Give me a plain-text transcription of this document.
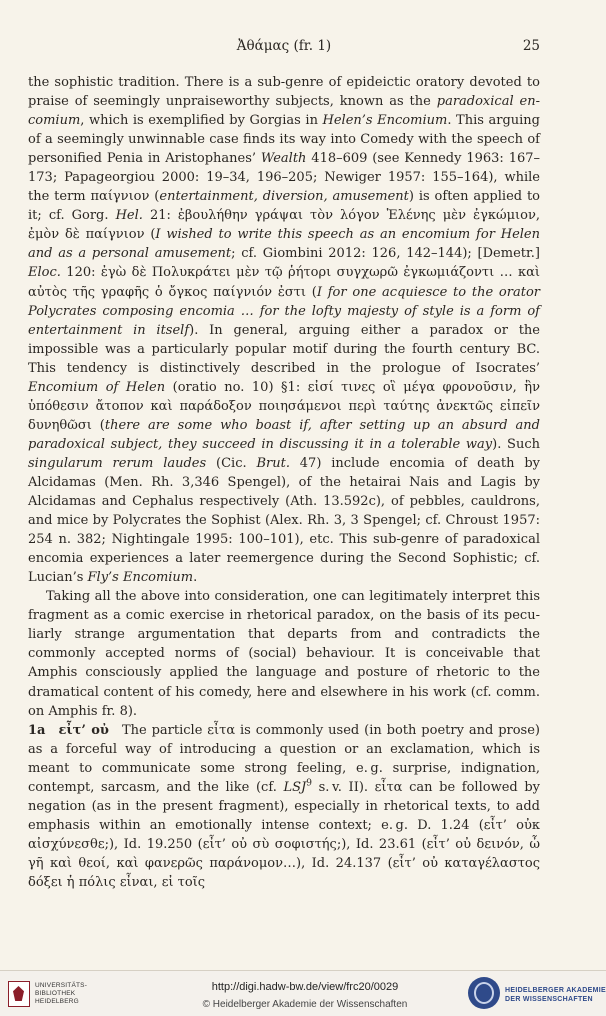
Ἀθάμας (fr. 1)	25

the sophistic tradition. There is a sub-genre of epideictic oratory devoted to praise of seemingly unpraiseworthy subjects, known as the paradoxical encomium, which is exemplified by Gorgias in Helen’s Encomium. This arguing of a seemingly unwinnable case finds its way into Comedy with the speech of personified Penia in Aristophanes’ Wealth 418–609 (see Kennedy 1963: 167–173; Papageorgiou 2000: 19–34, 196–205; Newiger 1957: 155–164), while the term παίγνιον (entertainment, diversion, amusement) is often applied to it; cf. Gorg. Hel. 21: ἐβουλήθην γράψαι τὸν λόγον Ἐλένης μὲν ἐγκώμιον, ἐμὸν δὲ παίγνιον (I wished to write this speech as an encomium for Helen and as a personal amusement; cf. Giombini 2012: 126, 142–144); [Demetr.] Eloc. 120: ἐγὼ δὲ Πολυκράτει μὲν τῷ ῥήτορι συγχωρῶ ἐγκωμιάζοντι … καὶ αὐτὸς τῆς γραφῆς ὁ ὄγκος παίγνιόν ἐστι (I for one acquiesce to the orator Polycrates composing encomia … for the lofty majesty of style is a form of entertainment in itself). In general, arguing either a paradox or the impossible was a particularly popular motif during the fourth century BC. This tendency is distinctively described in the prologue of Isocrates’ Encomium of Helen (oratio no. 10) §1: εἰσί τινες οἳ μέγα φρονοῦσιν, ἣν ὑπόθεσιν ἄτοπον καὶ παράδοξον ποιησάμενοι περὶ ταύτης ἀνεκτῶς εἰπεῖν δυνηθῶσι (there are some who boast if, after setting up an absurd and paradoxical subject, they succeed in discussing it in a tolerable way). Such singularum rerum laudes (Cic. Brut. 47) include encomia of death by Alcidamas (Men. Rh. 3,346 Spengel), of the hetairai Nais and Lagis by Alcidamas and Cephalus respectively (Ath. 13.592c), of pebbles, cauldrons, and mice by Polycrates the Sophist (Alex. Rh. 3, 3 Spengel; cf. Chroust 1957: 254 n. 382; Nightingale 1995: 100–101), etc. This sub-genre of paradoxical encomia experiences a later reemergence during the Second Sophistic; cf. Lucian’s Fly’s Encomium.

Taking all the above into consideration, one can legitimately interpret this fragment as a comic exercise in rhetorical paradox, on the basis of its peculiarly strange argumentation that departs from and contradicts the commonly accepted norms of (social) behaviour. It is conceivable that Amphis consciously applied the language and posture of rhetoric to the dramatical content of his comedy, here and elsewhere in his work (cf. comm. on Amphis fr. 8).

1a  εἶτ’ οὐ The particle εἶτα is commonly used (in both poetry and prose) as a forceful way of introducing a question or an exclamation, which is meant to communicate some strong feeling, e. g. surprise, indignation, contempt, sarcasm, and the like (cf. LSJ$^9$ s. v. II). εἶτα can be followed by negation (as in the present fragment), especially in rhetorical texts, to add emphasis within an emotionally intense context; e. g. D. 1.24 (εἶτ’ οὐκ αἰσχύνεσθε;), Id. 19.250 (εἶτ’ οὐ σὺ σοφιστής;), Id. 23.61 (εἶτ’ οὐ δεινόν, ὦ γῆ καὶ θεοί, καὶ φανερῶς παράνομον…), Id. 24.137 (εἶτ’ οὐ καταγέλαστος δόξει ἡ πόλις εἶναι, εἰ τοῖς

UNIVERSITÄTS-
BIBLIOTHEK
HEIDELBERG
http://digi.hadw-bw.de/view/frc20/0029
© Heidelberger Akademie der Wissenschaften
HEIDELBERGER AKADEMIE
DER WISSENSCHAFTEN
